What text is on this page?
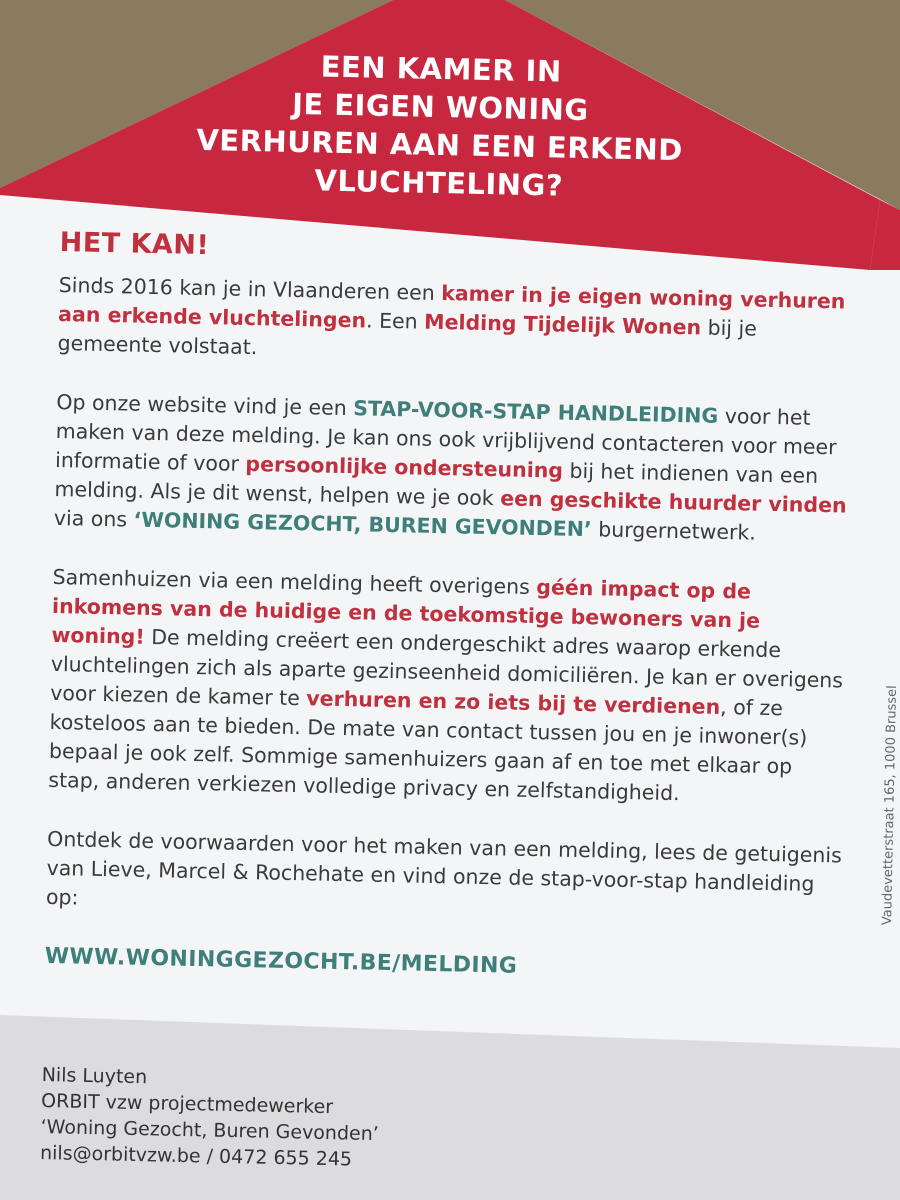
EEN KAMER IN
JE EIGEN WONING
VERHUREN AAN EEN ERKEND
VLUCHTELING?
HET KAN!

Sinds 2016 kan je in Vlaanderen een kamer in je eigen woning verhuren aan erkende vluchtelingen. Een Melding Tijdelijk Wonen bij je gemeente volstaat.

Op onze website vind je een STAP-VOOR-STAP HANDLEIDING voor het maken van deze melding. Je kan ons ook vrijblijvend contacteren voor meer informatie of voor persoonlijke ondersteuning bij het indienen van een melding. Als je dit wenst, helpen we je ook een geschikte huurder vinden via ons ‘WONING GEZOCHT, BUREN GEVONDEN’ burgernetwerk.

Samenhuizen via een melding heeft overigens géén impact op de inkomens van de huidige en de toekomstige bewoners van je woning! De melding creëert een ondergeschikt adres waarop erkende vluchtelingen zich als aparte gezinseenheid domiciliëren. Je kan er overigens voor kiezen de kamer te verhuren en zo iets bij te verdienen, of ze kosteloos aan te bieden. De mate van contact tussen jou en je inwoner(s) bepaal je ook zelf. Sommige samenhuizers gaan af en toe met elkaar op stap, anderen verkiezen volledige privacy en zelfstandigheid.

Ontdek de voorwaarden voor het maken van een melding, lees de getuigenis van Lieve, Marcel & Rochehate en vind onze de stap-voor-stap handleiding op:

WWW.WONINGGEZOCHT.BE/MELDING
Nils Luyten
ORBIT vzw projectmedewerker
‘Woning Gezocht, Buren Gevonden’
nils@orbitvzw.be / 0472 655 245
Vaudevetterstraat 165, 1000 Brussel
